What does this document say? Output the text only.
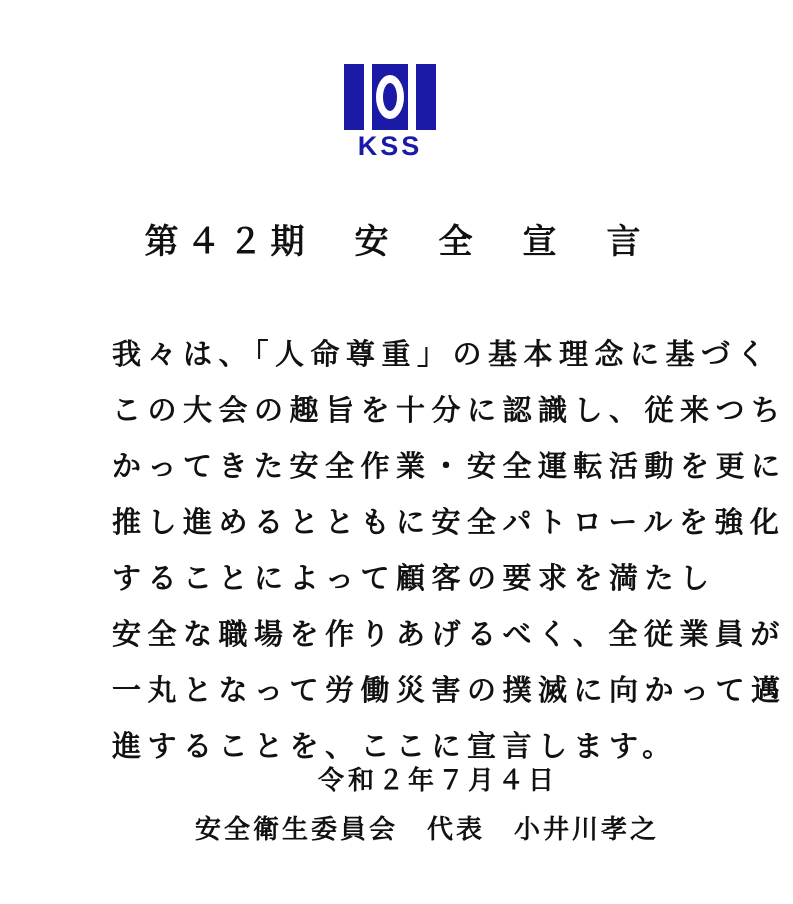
KSS
第４２期　安　全　宣　言
我々は、「人命尊重」の基本理念に基づく
この大会の趣旨を十分に認識し、従来つち
かってきた安全作業・安全運転活動を更に
推し進めるとともに安全パトロールを強化
することによって顧客の要求を満たし
安全な職場を作りあげるべく、全従業員が
一丸となって労働災害の撲滅に向かって邁
進することを、ここに宣言します。
令和２年７月４日
安全衛生委員会　代表　小井川孝之
